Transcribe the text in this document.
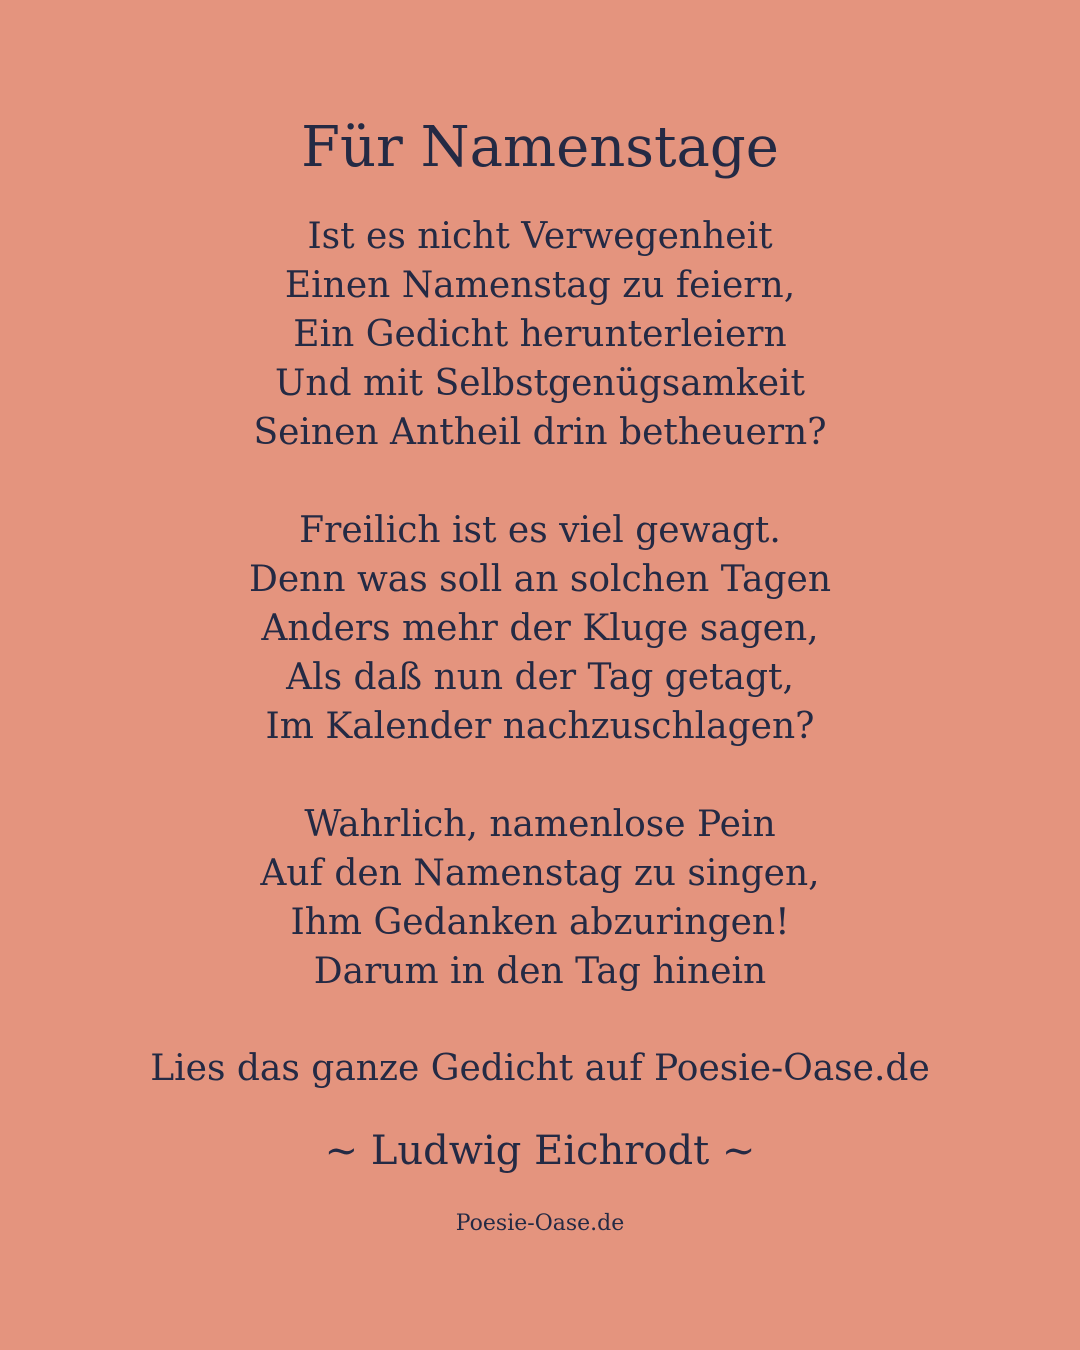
Für Namenstage
Ist es nicht Verwegenheit
Einen Namenstag zu feiern,
Ein Gedicht herunterleiern
Und mit Selbstgenügsamkeit
Seinen Antheil drin betheuern?
Freilich ist es viel gewagt.
Denn was soll an solchen Tagen
Anders mehr der Kluge sagen,
Als daß nun der Tag getagt,
Im Kalender nachzuschlagen?
Wahrlich, namenlose Pein
Auf den Namenstag zu singen,
Ihm Gedanken abzuringen!
Darum in den Tag hinein
Lies das ganze Gedicht auf Poesie-Oase.de
~ Ludwig Eichrodt ~
Poesie-Oase.de
